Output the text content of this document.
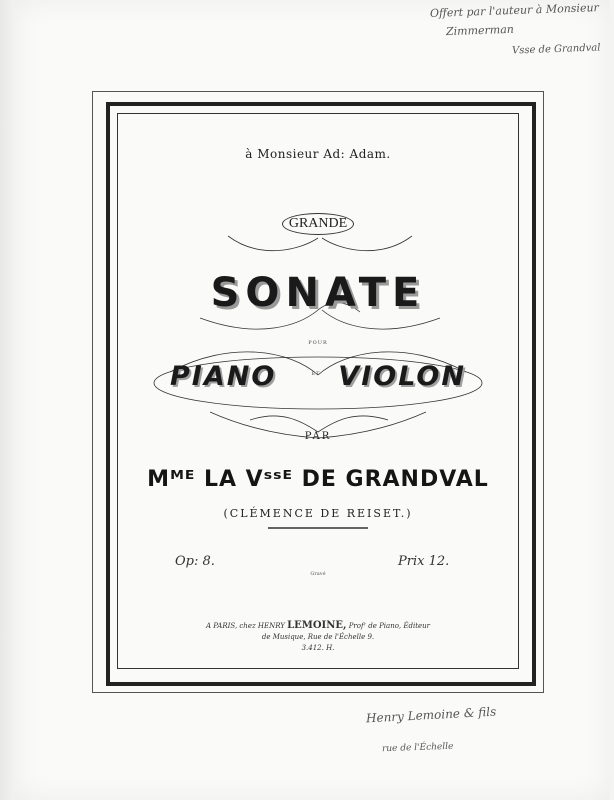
Offert par l'auteur à Monsieur
Zimmerman
Vsse de Grandval
Henry Lemoine & fils
rue de l'Échelle
à Monsieur Ad: Adam.
GRANDE
SONATE
POUR
PIANO VIOLON
ET
PAR
Mᴹᴱ LA Vˢˢᴱ DE GRANDVAL
(CLÉMENCE DE REISET.)
Op: 8.	Prix 12.
Gravé
A PARIS, chez HENRY LEMOINE, Profʳ de Piano, Éditeur
de Musique, Rue de l'Échelle 9.
3.412. H.
